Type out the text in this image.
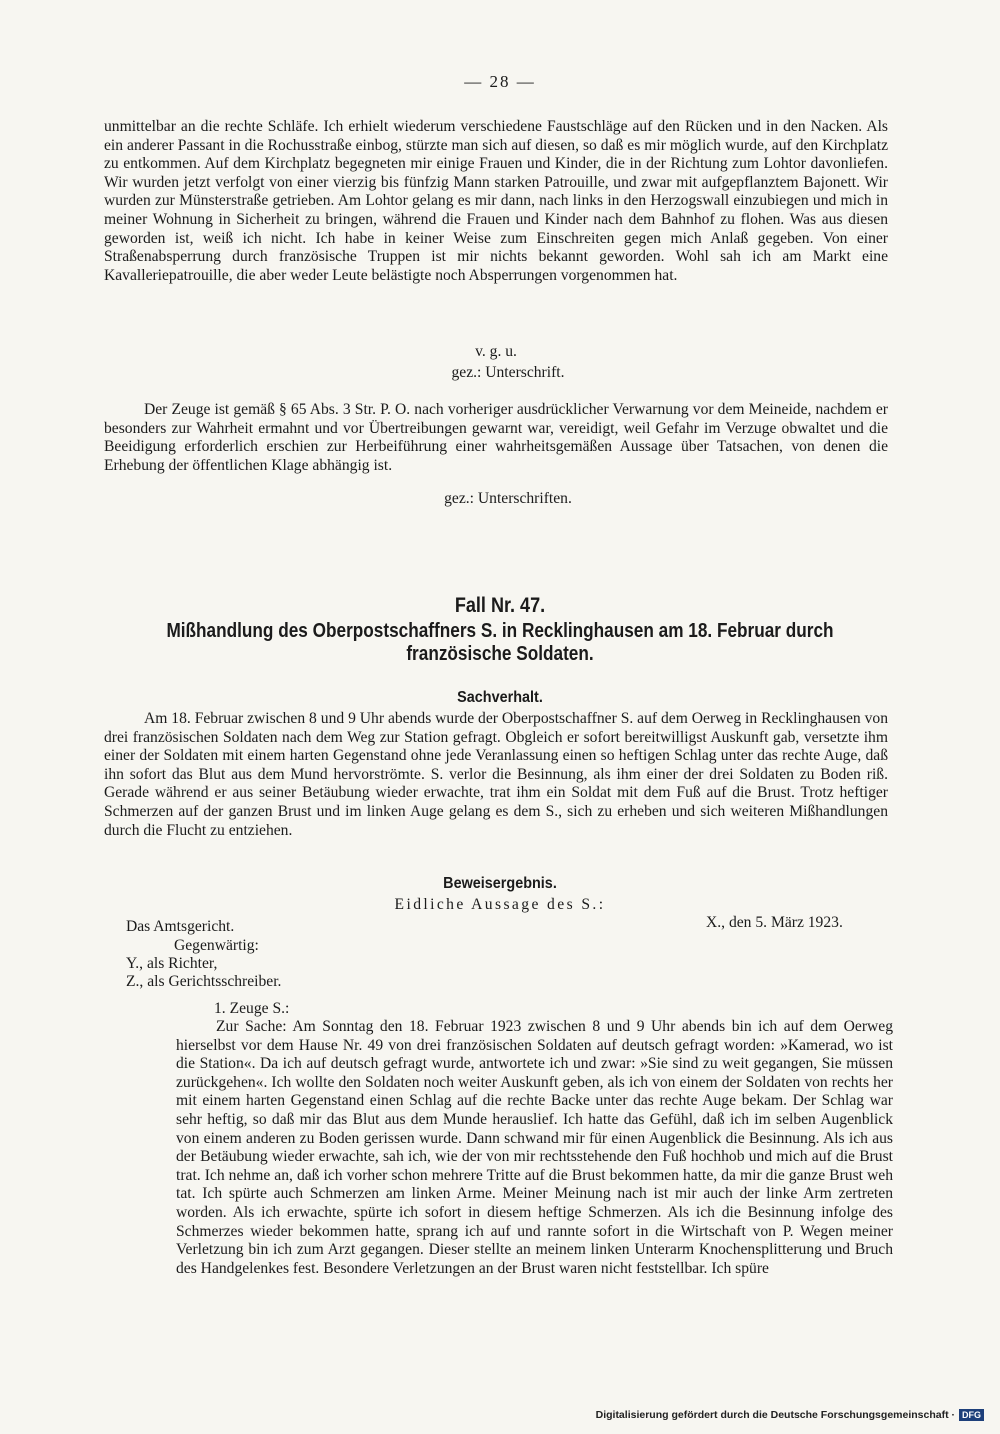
— 28 —

unmittelbar an die rechte Schläfe. Ich erhielt wiederum verschiedene Faustschläge auf den Rücken und in den Nacken. Als ein anderer Passant in die Rochusstraße einbog, stürzte man sich auf diesen, so daß es mir möglich wurde, auf den Kirchplatz zu entkommen. Auf dem Kirchplatz begegneten mir einige Frauen und Kinder, die in der Richtung zum Lohtor davonliefen. Wir wurden jetzt verfolgt von einer vierzig bis fünfzig Mann starken Patrouille, und zwar mit aufgepflanztem Bajonett. Wir wurden zur Münsterstraße getrieben. Am Lohtor gelang es mir dann, nach links in den Herzogswall einzubiegen und mich in meiner Wohnung in Sicherheit zu bringen, während die Frauen und Kinder nach dem Bahnhof zu flohen. Was aus diesen geworden ist, weiß ich nicht. Ich habe in keiner Weise zum Einschreiten gegen mich Anlaß gegeben. Von einer Straßenabsperrung durch französische Truppen ist mir nichts bekannt geworden. Wohl sah ich am Markt eine Kavalleriepatrouille, die aber weder Leute belästigte noch Absperrungen vorgenommen hat.

v. g. u.

gez.: Unterschrift.

Der Zeuge ist gemäß § 65 Abs. 3 Str. P. O. nach vorheriger ausdrücklicher Verwarnung vor dem Meineide, nachdem er besonders zur Wahrheit ermahnt und vor Übertreibungen gewarnt war, vereidigt, weil Gefahr im Verzuge obwaltet und die Beeidigung erforderlich erschien zur Herbeiführung einer wahrheitsgemäßen Aussage über Tatsachen, von denen die Erhebung der öffentlichen Klage abhängig ist.

gez.: Unterschriften.

Fall Nr. 47.
Mißhandlung des Oberpostschaffners S. in Recklinghausen am 18. Februar durch französische Soldaten.
Sachverhalt.

Am 18. Februar zwischen 8 und 9 Uhr abends wurde der Oberpostschaffner S. auf dem Oerweg in Recklinghausen von drei französischen Soldaten nach dem Weg zur Station gefragt. Obgleich er sofort bereitwilligst Auskunft gab, versetzte ihm einer der Soldaten mit einem harten Gegenstand ohne jede Veranlassung einen so heftigen Schlag unter das rechte Auge, daß ihn sofort das Blut aus dem Mund hervorströmte. S. verlor die Besinnung, als ihm einer der drei Soldaten zu Boden riß. Gerade während er aus seiner Betäubung wieder erwachte, trat ihm ein Soldat mit dem Fuß auf die Brust. Trotz heftiger Schmerzen auf der ganzen Brust und im linken Auge gelang es dem S., sich zu erheben und sich weiteren Mißhandlungen durch die Flucht zu entziehen.

Beweisergebnis.
Eidliche Aussage des S.:
Das Amtsgericht.	X., den 5. März 1923.
Gegenwärtig:
Y., als Richter,
Z., als Gerichtsschreiber.
1. Zeuge S.:

Zur Sache: Am Sonntag den 18. Februar 1923 zwischen 8 und 9 Uhr abends bin ich auf dem Oerweg hierselbst vor dem Hause Nr. 49 von drei französischen Soldaten auf deutsch gefragt worden: »Kamerad, wo ist die Station«. Da ich auf deutsch gefragt wurde, antwortete ich und zwar: »Sie sind zu weit gegangen, Sie müssen zurückgehen«. Ich wollte den Soldaten noch weiter Auskunft geben, als ich von einem der Soldaten von rechts her mit einem harten Gegenstand einen Schlag auf die rechte Backe unter das rechte Auge bekam. Der Schlag war sehr heftig, so daß mir das Blut aus dem Munde herauslief. Ich hatte das Gefühl, daß ich im selben Augenblick von einem anderen zu Boden gerissen wurde. Dann schwand mir für einen Augenblick die Besinnung. Als ich aus der Betäubung wieder erwachte, sah ich, wie der von mir rechtsstehende den Fuß hochhob und mich auf die Brust trat. Ich nehme an, daß ich vorher schon mehrere Tritte auf die Brust bekommen hatte, da mir die ganze Brust weh tat. Ich spürte auch Schmerzen am linken Arme. Meiner Meinung nach ist mir auch der linke Arm zertreten worden. Als ich erwachte, spürte ich sofort in diesem heftige Schmerzen. Als ich die Besinnung infolge des Schmerzes wieder bekommen hatte, sprang ich auf und rannte sofort in die Wirtschaft von P. Wegen meiner Verletzung bin ich zum Arzt gegangen. Dieser stellte an meinem linken Unterarm Knochensplitterung und Bruch des Handgelenkes fest. Besondere Verletzungen an der Brust waren nicht feststellbar. Ich spüre

Digitalisierung gefördert durch die Deutsche Forschungsgemeinschaft · DFG
